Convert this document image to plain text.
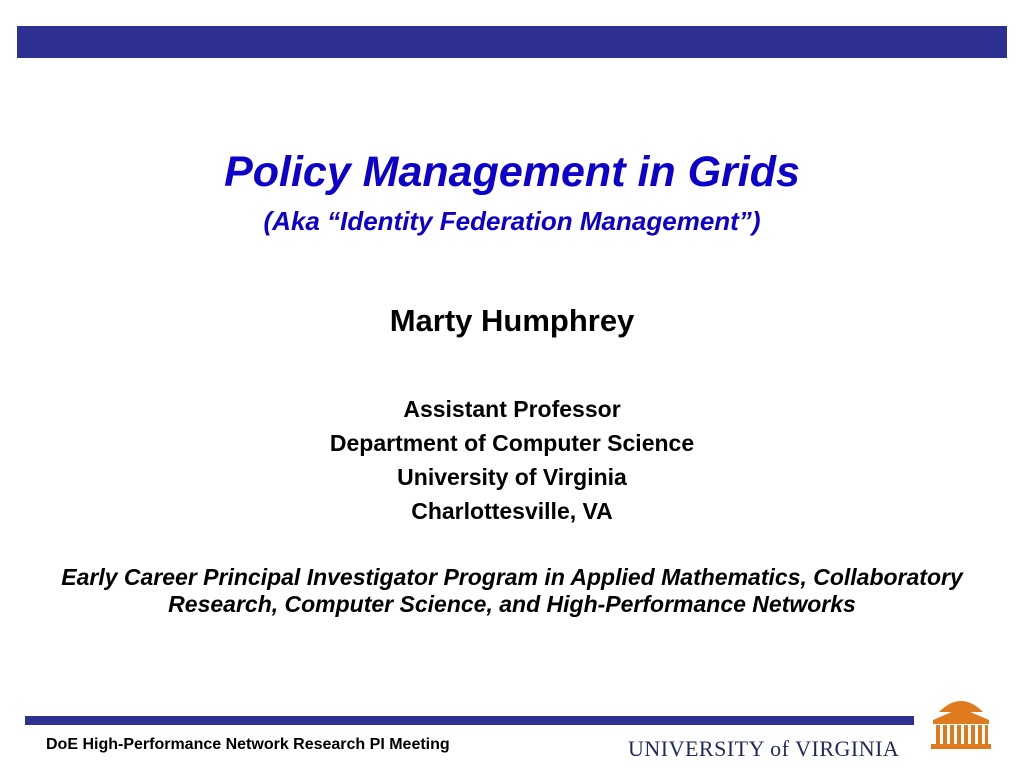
Policy Management in Grids
(Aka “Identity Federation Management”)
Marty Humphrey
Assistant Professor
Department of Computer Science
University of Virginia
Charlottesville, VA
Early Career Principal Investigator Program in Applied Mathematics, Collaboratory Research, Computer Science, and High-Performance Networks
DoE High-Performance Network Research PI Meeting	UNIVERSITY of VIRGINIA
